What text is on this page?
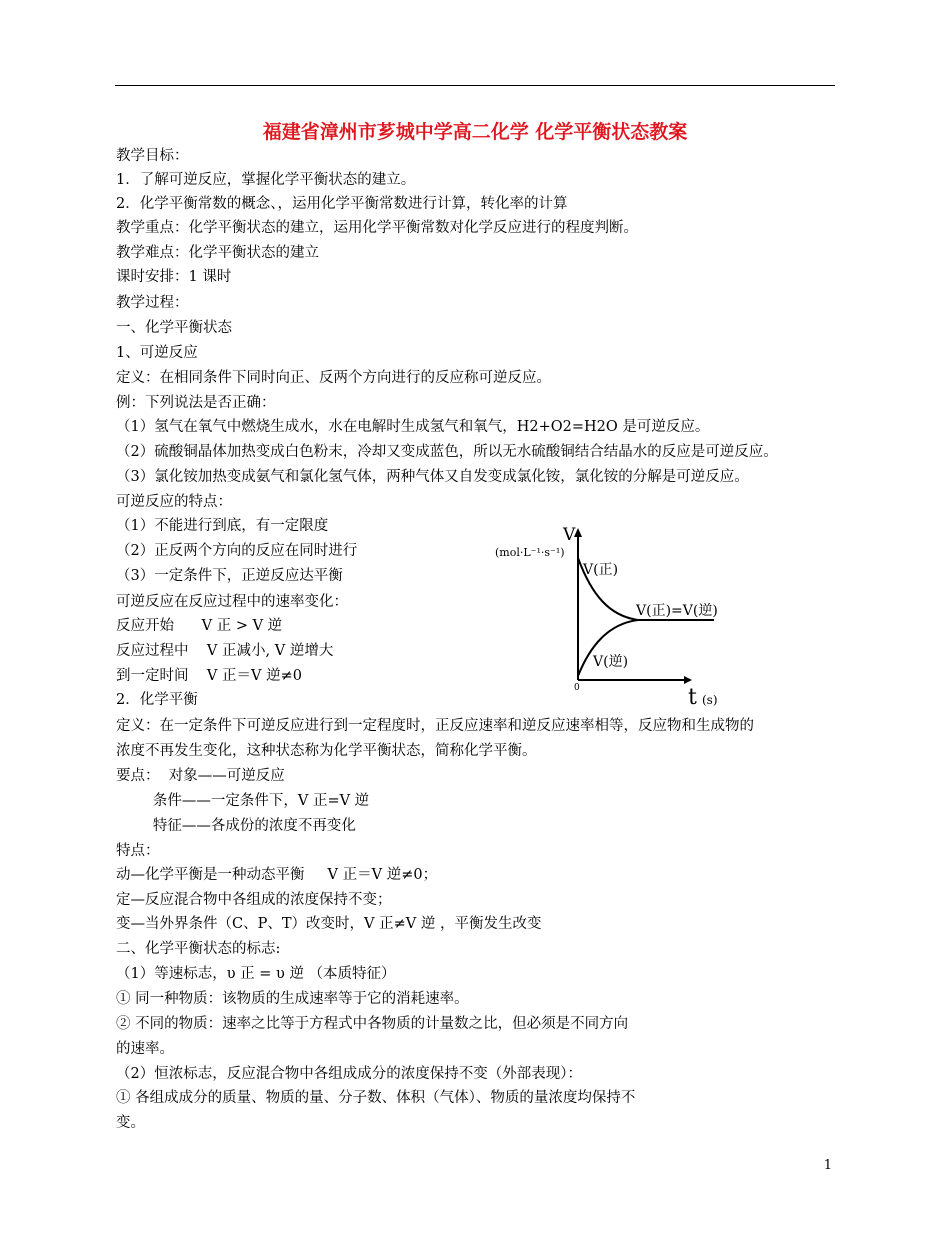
福建省漳州市芗城中学高二化学 化学平衡状态教案
教学目标：
1．了解可逆反应，掌握化学平衡状态的建立。
2．化学平衡常数的概念、，运用化学平衡常数进行计算，转化率的计算
教学重点：化学平衡状态的建立，运用化学平衡常数对化学反应进行的程度判断。
教学难点：化学平衡状态的建立
课时安排：1 课时
教学过程：
一、化学平衡状态
1、可逆反应
定义：在相同条件下同时向正、反两个方向进行的反应称可逆反应。
例：下列说法是否正确：
（1）氢气在氧气中燃烧生成水，水在电解时生成氢气和氧气，H2+O2=H2O 是可逆反应。
（2）硫酸铜晶体加热变成白色粉末，冷却又变成蓝色，所以无水硫酸铜结合结晶水的反应是可逆反应。
（3）氯化铵加热变成氨气和氯化氢气体，两种气体又自发变成氯化铵，氯化铵的分解是可逆反应。
可逆反应的特点：
（1）不能进行到底，有一定限度
（2）正反两个方向的反应在同时进行
（3）一定条件下，正逆反应达平衡
可逆反应在反应过程中的速率变化：
反应开始      V 正 > V 逆
反应过程中    V 正减小, V 逆增大
到一定时间    V 正＝V 逆≠0
2．化学平衡
定义：在一定条件下可逆反应进行到一定程度时，正反应速率和逆反应速率相等，反应物和生成物的
浓度不再发生变化，这种状态称为化学平衡状态，简称化学平衡。
要点：  对象——可逆反应
条件——一定条件下，V 正=V 逆
特征——各成份的浓度不再变化
特点：
动—化学平衡是一种动态平衡     V 正＝V 逆≠0；
定—反应混合物中各组成的浓度保持不变；
变—当外界条件（C、P、T）改变时，V 正≠V 逆 ，平衡发生改变
二、化学平衡状态的标志:
（1）等速标志，υ 正 = υ 逆 （本质特征）
① 同一种物质：该物质的生成速率等于它的消耗速率。
② 不同的物质：速率之比等于方程式中各物质的计量数之比，但必须是不同方向
的速率。
（2）恒浓标志，反应混合物中各组成成分的浓度保持不变（外部表现）：
① 各组成成分的质量、物质的量、分子数、体积（气体）、物质的量浓度均保持不
变。
V
(mol·L⁻¹·s⁻¹)
V(正)
V(正)=V(逆)
V(逆)
0	t (s)
1
